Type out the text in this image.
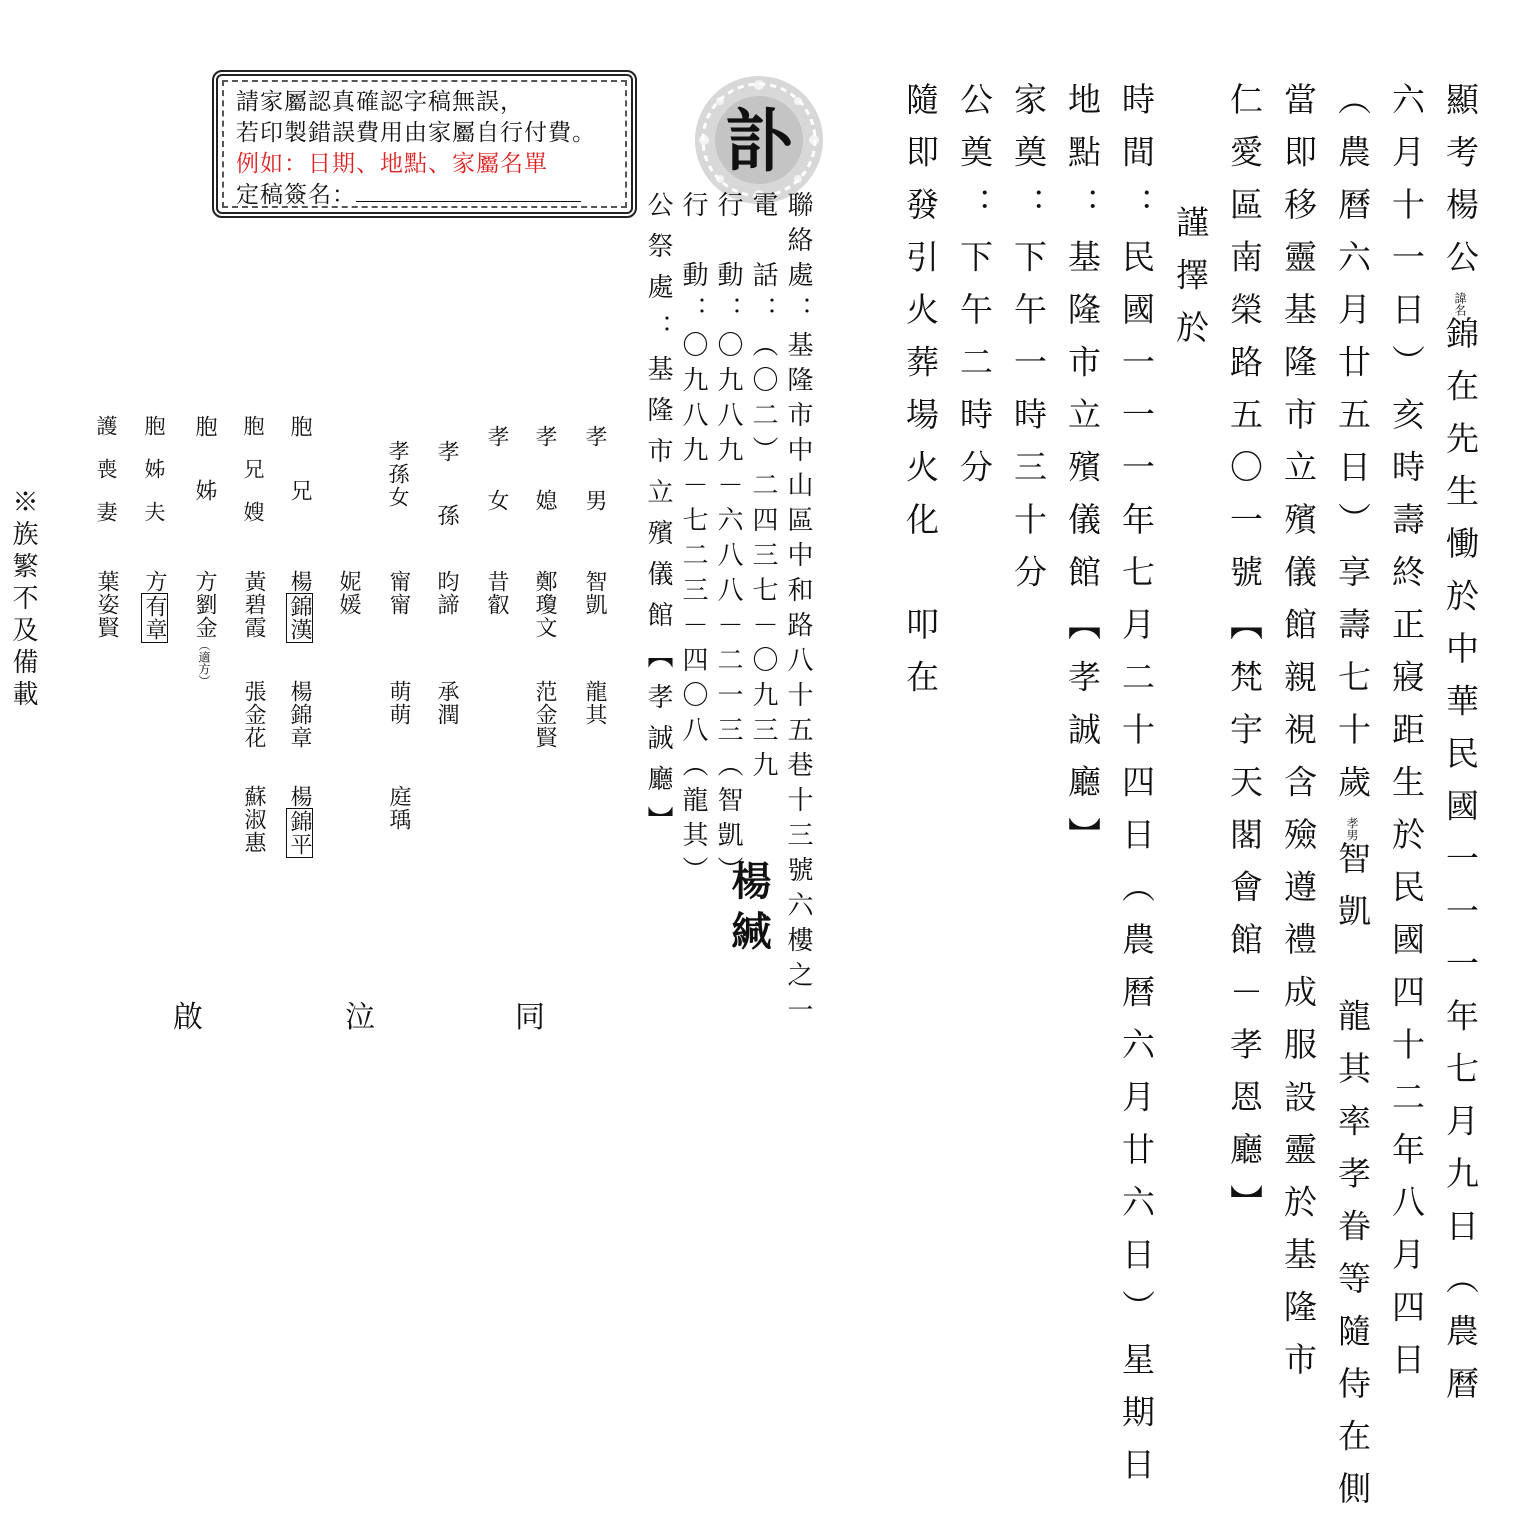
顯考楊公諱名錦在先生慟於中華民國一一一年七月九日（農曆
六月十一日）亥時壽終正寢距生於民國四十二年八月四日
（農曆六月廿五日）享壽七十歲孝男智凱　龍其率孝眷等隨侍在側
當即移靈基隆市立殯儀館親視含殮遵禮成服設靈於基隆市
仁愛區南榮路五〇一號【梵宇天閣會館－孝恩廳】
謹擇於
時間：民國一一一年七月二十四日（農曆六月廿六日）星期日
地點：基隆市立殯儀館【孝誠廳】
家奠：下午一時三十分
公奠：下午二時分
隨即發引火葬場火化　叩在
訃
聯絡處：基隆市中山區中和路八十五巷十三號六樓之一
電　話：（〇二）二四三七－〇九三九
行　動：〇九八九－六八八－二一三（智凱）
行　動：〇九八九－七二三－四〇八（龍其）
公祭處：基隆市立殯儀館【孝誠廳】
楊緘
請家屬認真確認字稿無誤，
若印製錯誤費用由家屬自行付費。
例如：日期、地點、家屬名單
定稿簽名：
孝　男
智凱
龍其
孝　媳
鄭瓊文
范金賢
孝　女
昔叡
孝　孫
昀諦
承潤
孝孫女
甯甯
萌萌
庭瑀
妮媛
胞　兄
楊錦漢
楊錦章
楊錦平
胞兄嫂
黃碧霞
張金花
蘇淑惠
胞　姊
方劉金（適方）
胞姊夫
方有章
護喪妻
葉姿賢
※族繁不及備載
同
泣
啟
